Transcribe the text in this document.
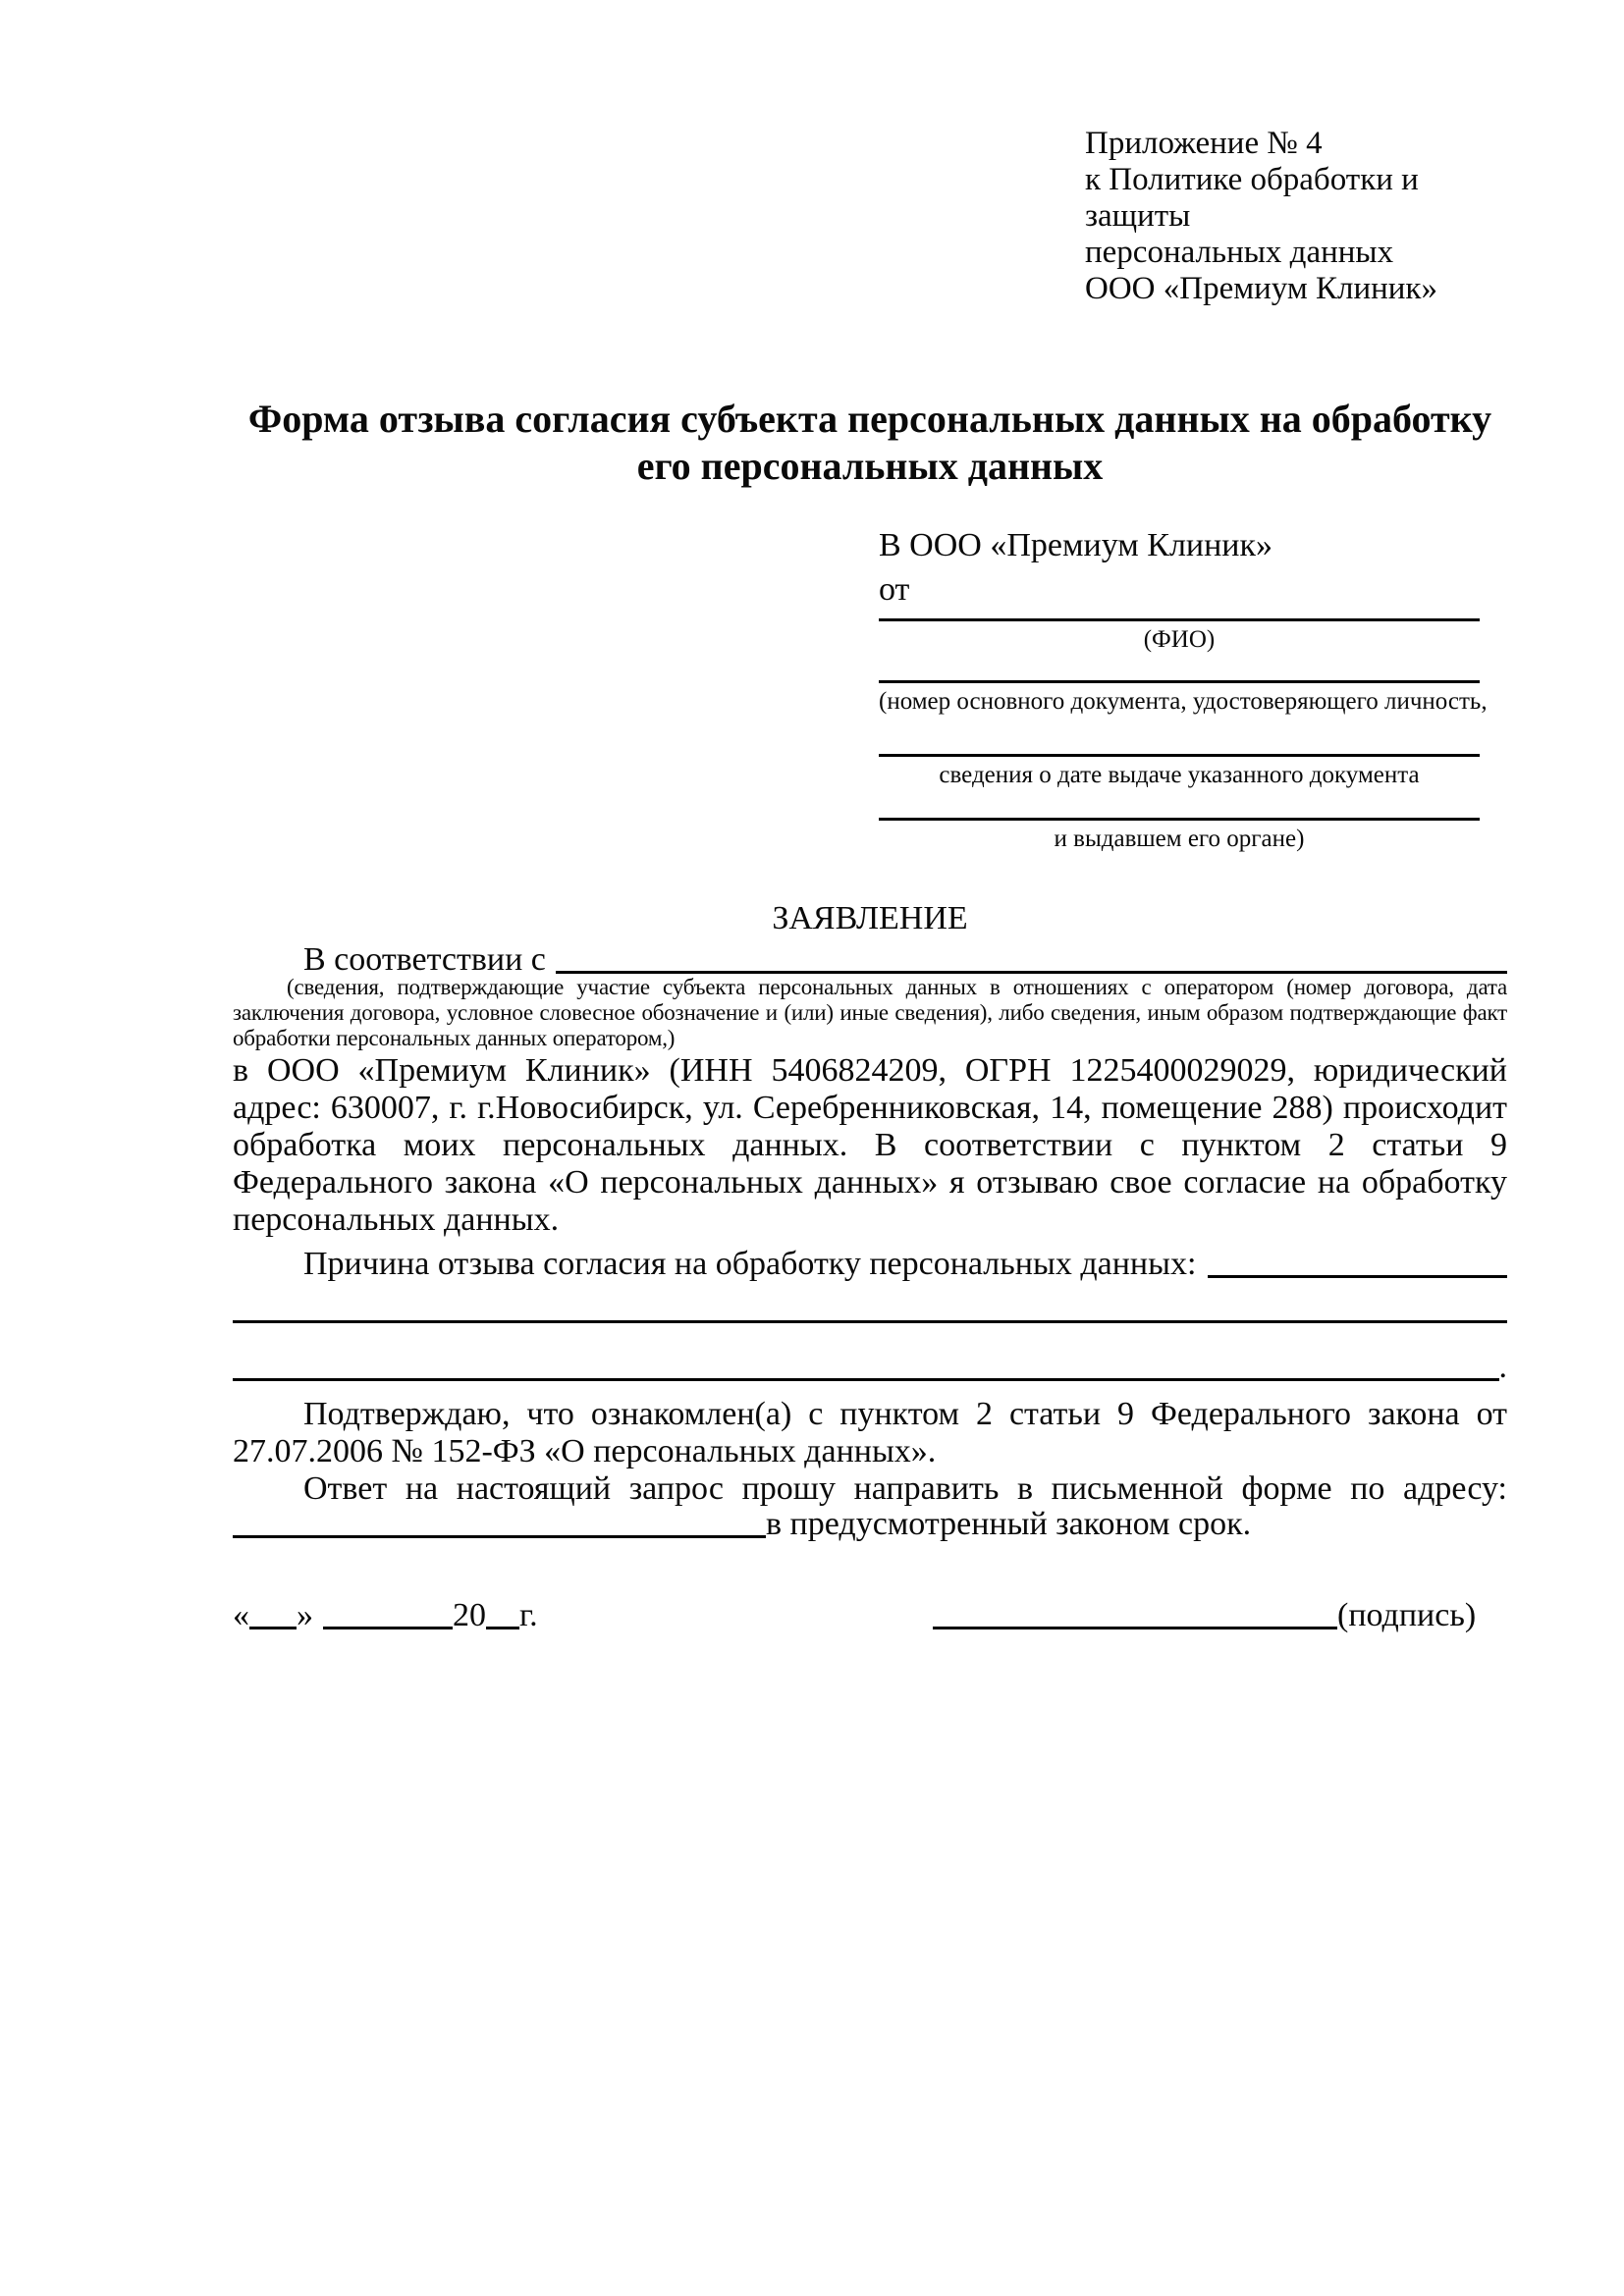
Приложение № 4
к Политике обработки и защиты
персональных данных
ООО «Премиум Клиник»
Форма отзыва согласия субъекта персональных данных на обработку
его персональных данных
В ООО «Премиум Клиник»
от
(ФИО)
(номер основного документа, удостоверяющего личность,
сведения о дате выдаче указанного документа
и выдавшем его органе)
ЗАЯВЛЕНИЕ
В соответствии с
(сведения, подтверждающие участие субъекта персональных данных в отношениях с оператором (номер договора, дата заключения договора, условное словесное обозначение и (или) иные сведения), либо сведения, иным образом подтверждающие факт обработки персональных данных оператором,)
в ООО «Премиум Клиник» (ИНН 5406824209, ОГРН 1225400029029, юридический адрес: 630007, г. г.Новосибирск, ул. Серебренниковская, 14, помещение 288) происходит обработка моих персональных данных. В соответствии с пунктом 2 статьи 9 Федерального закона «О персональных данных» я отзываю свое согласие на обработку персональных данных.
Причина отзыва согласия на обработку персональных данных:
.
Подтверждаю, что ознакомлен(а) с пунктом 2 статьи 9 Федерального закона от 27.07.2006 № 152-ФЗ «О персональных данных».
Ответ на настоящий запрос прошу направить в письменной форме по адресу:
в предусмотренный законом срок.
« »	20 г.	(подпись)
